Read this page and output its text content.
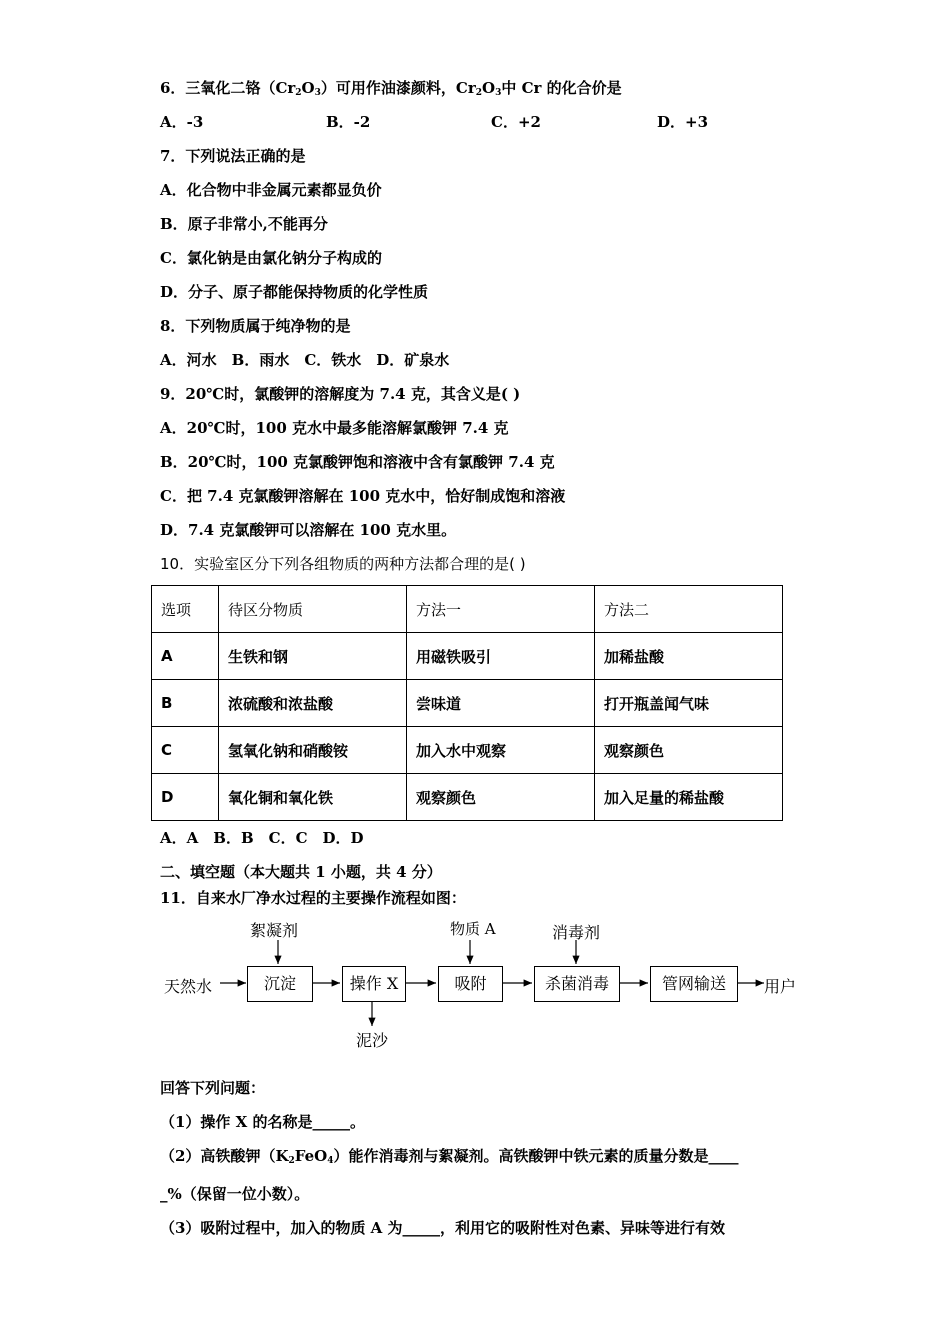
6．三氧化二铬$(Cr_2O_3)$可用作油漆颜料，$Cr_2O_3$中 Cr 的化合价是
A．-3	B．-2	C．+2	D．+3
7．下列说法正确的是
A．化合物中非金属元素都显负价
B．原子非常小,不能再分
C．氯化钠是由氯化钠分子构成的
D．分子、原子都能保持物质的化学性质
8．下列物质属于纯净物的是
A．河水　B．雨水　C．铁水　D．矿泉水
9．20℃时，氯酸钾的溶解度为 7.4 克，其含义是( )
A．20℃时，100 克水中最多能溶解氯酸钾 7.4 克
B．20℃时，100 克氯酸钾饱和溶液中含有氯酸钾 7.4 克
C．把 7.4 克氯酸钾溶解在 100 克水中，恰好制成饱和溶液
D．7.4 克氯酸钾可以溶解在 100 克水里。
10．实验室区分下列各组物质的两种方法都合理的是( )
选项	待区分物质	方法一	方法二
A	生铁和钢	用磁铁吸引	加稀盐酸
B	浓硫酸和浓盐酸	尝味道	打开瓶盖闻气味
C	氢氧化钠和硝酸铵	加入水中观察	观察颜色
D	氧化铜和氧化铁	观察颜色	加入足量的稀盐酸
A．A　B．B　C．C　D．D
二、填空题（本大题共 1 小题，共 4 分）
11．自来水厂净水过程的主要操作流程如图：
天然水	沉淀	操作 X	吸附	杀菌消毒	管网输送	用户
絮凝剂	物质 A	消毒剂
泥沙
回答下列问题：
（1）操作 X 的名称是_____。
（2）高铁酸钾$(K_2FeO_4)$能作消毒剂与絮凝剂。高铁酸钾中铁元素的质量分数是____
_%（保留一位小数）。
（3）吸附过程中，加入的物质 A 为_____，利用它的吸附性对色素、异味等进行有效
